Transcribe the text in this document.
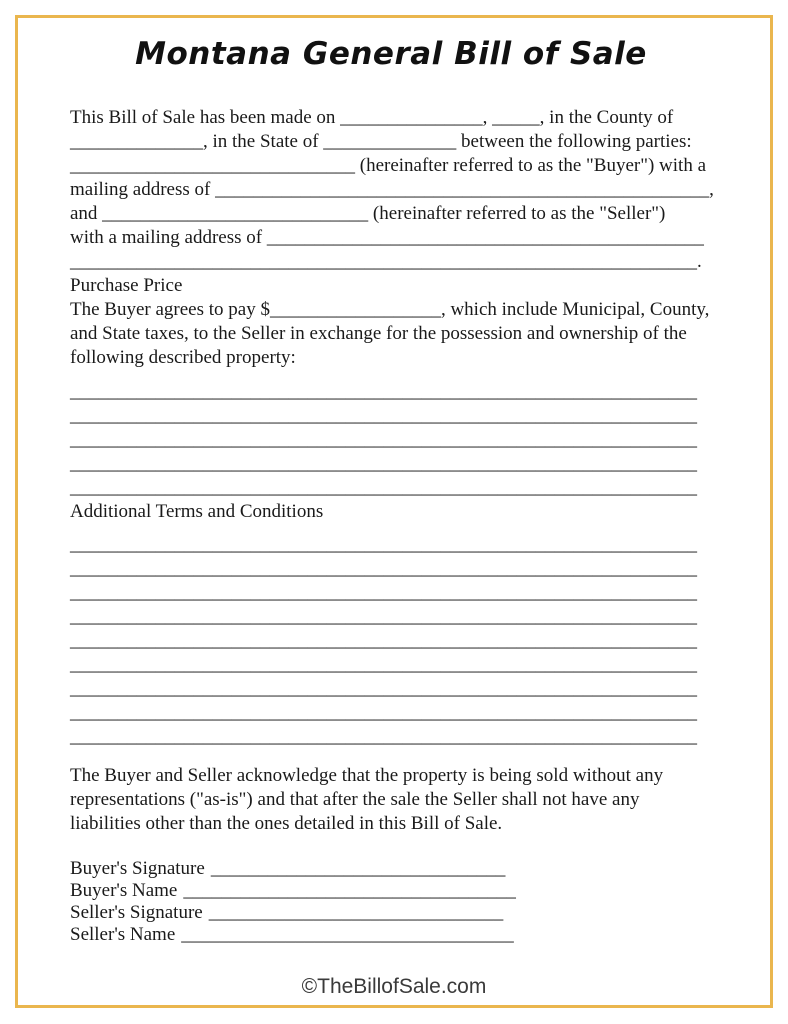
Montana General Bill of Sale
This Bill of Sale has been made on _______________, _____, in the County of
______________, in the State of ______________ between the following parties:
______________________________ (hereinafter referred to as the "Buyer") with a
mailing address of ____________________________________________________,
and ____________________________ (hereinafter referred to as the "Seller")
with a mailing address of ______________________________________________
__________________________________________________________________.
Purchase Price
The Buyer agrees to pay $__________________, which include Municipal, County,
and State taxes, to the Seller in exchange for the possession and ownership of the
following described property:
__________________________________________________________________
__________________________________________________________________
__________________________________________________________________
__________________________________________________________________
__________________________________________________________________
Additional Terms and Conditions
__________________________________________________________________
__________________________________________________________________
__________________________________________________________________
__________________________________________________________________
__________________________________________________________________
__________________________________________________________________
__________________________________________________________________
__________________________________________________________________
__________________________________________________________________
The Buyer and Seller acknowledge that the property is being sold without any
representations ("as-is") and that after the sale the Seller shall not have any
liabilities other than the ones detailed in this Bill of Sale.
Buyer's Signature _______________________________
Buyer's Name ___________________________________
Seller's Signature _______________________________
Seller's Name ___________________________________
©TheBillofSale.com
